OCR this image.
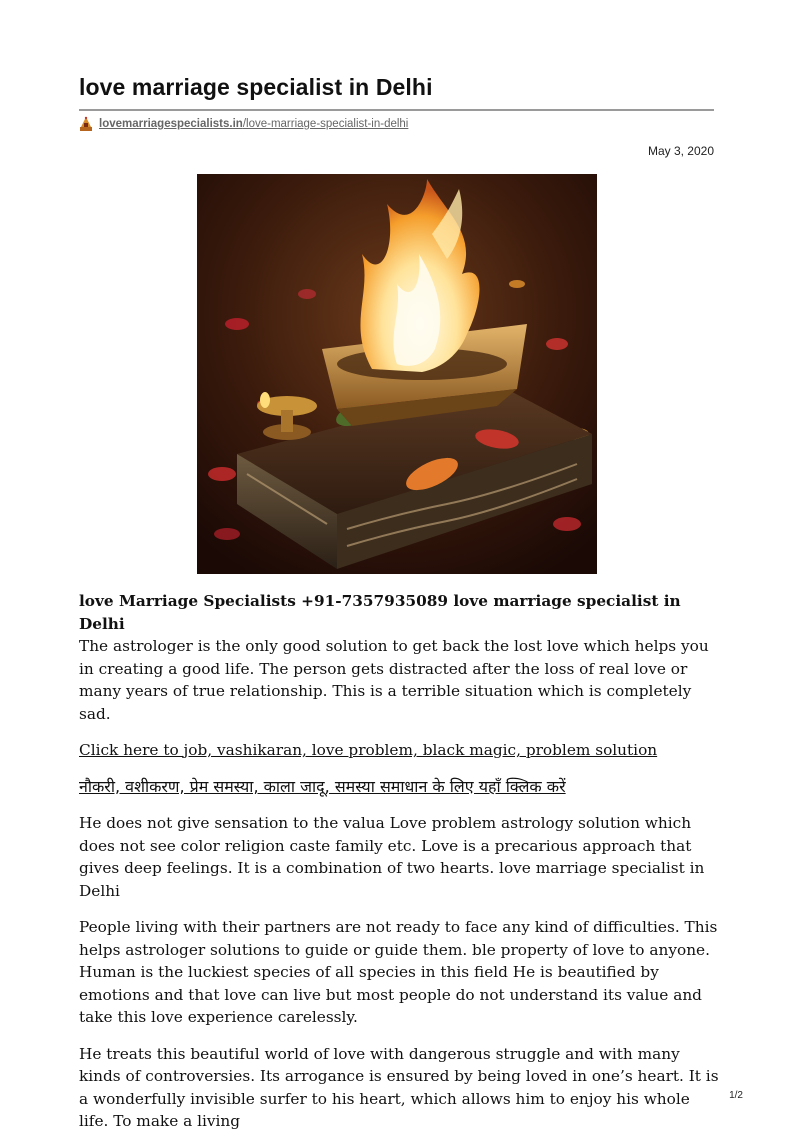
love marriage specialist in Delhi
lovemarriagespecialists.in/love-marriage-specialist-in-delhi
May 3, 2020

love Marriage Specialists +91-7357935089 love marriage specialist in Delhi

The astrologer is the only good solution to get back the lost love which helps you in creating a good life. The person gets distracted after the loss of real love or many years of true relationship. This is a terrible situation which is completely sad.

Click here to job, vashikaran, love problem, black magic, problem solution

नौकरी, वशीकरण, प्रेम समस्या, काला जादू, समस्या समाधान के लिए यहाँ क्लिक करें

He does not give sensation to the valua Love problem astrology solution which does not see color religion caste family etc. Love is a precarious approach that gives deep feelings. It is a combination of two hearts. love marriage specialist in Delhi

People living with their partners are not ready to face any kind of difficulties. This helps astrologer solutions to guide or guide them. ble property of love to anyone. Human is the luckiest species of all species in this field He is beautified by emotions and that love can live but most people do not understand its value and take this love experience carelessly.

He treats this beautiful world of love with dangerous struggle and with many kinds of controversies. Its arrogance is ensured by being loved in one’s heart. It is a wonderfully invisible surfer to his heart, which allows him to enjoy his whole life. To make a living

1/2
